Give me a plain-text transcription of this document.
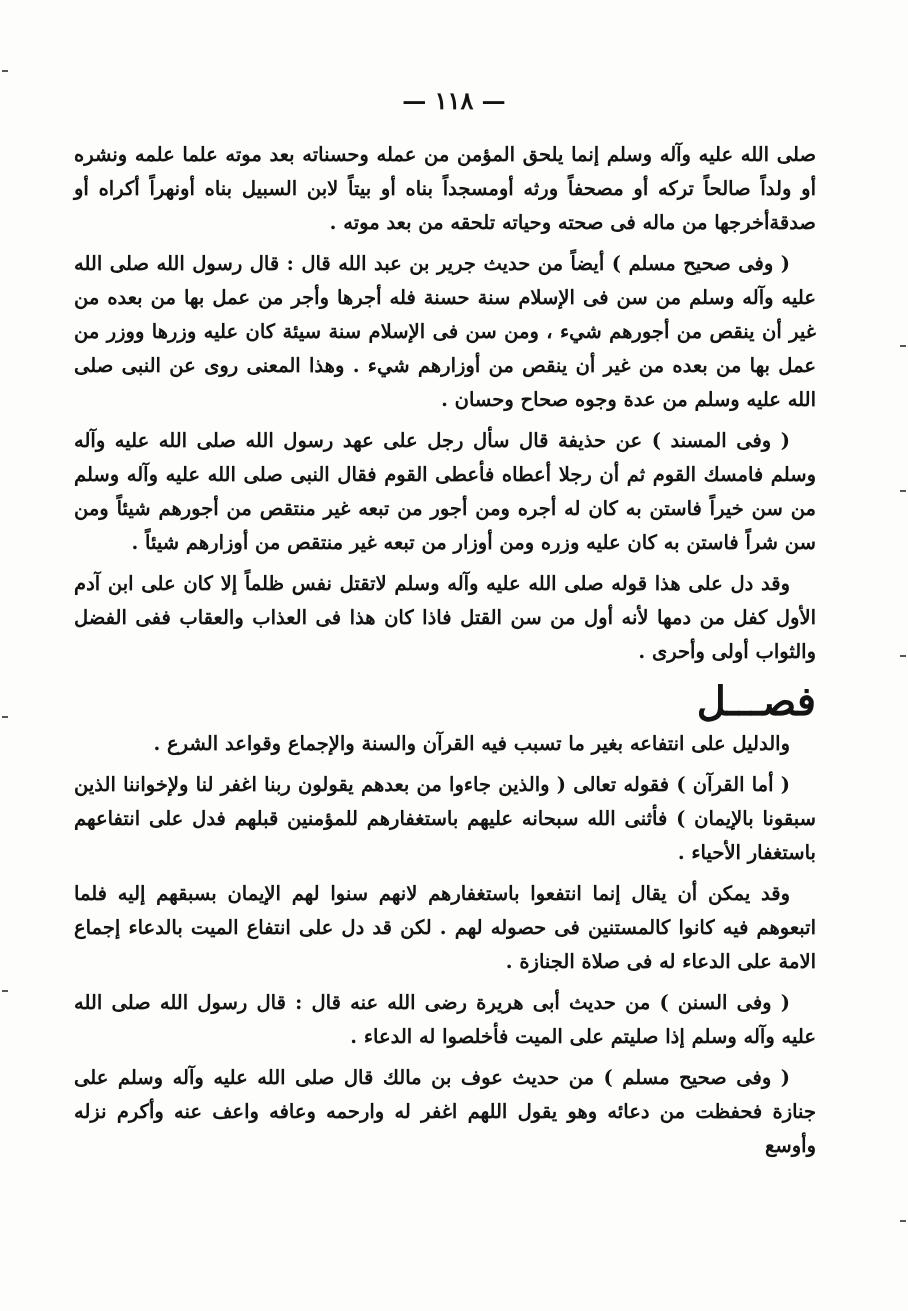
— ١١٨ —

صلى الله عليه وآله وسلم إنما يلحق المؤمن من عمله وحسناته بعد موته علما علمه ونشره أو ولداً صالحاً تركه أو مصحفاً ورثه أومسجداً بناه أو بيتاً لابن السبيل بناه أونهراً أكراه أو صدقةأخرجها من ماله فى صحته وحياته تلحقه من بعد موته .

( وفى صحيح مسلم ) أيضاً من حديث جرير بن عبد الله قال : قال رسول الله صلى الله عليه وآله وسلم من سن فى الإسلام سنة حسنة فله أجرها وأجر من عمل بها من بعده من غير أن ينقص من أجورهم شيء ، ومن سن فى الإسلام سنة سيئة كان عليه وزرها ووزر من عمل بها من بعده من غير أن ينقص من أوزارهم شيء . وهذا المعنى روى عن النبى صلى الله عليه وسلم من عدة وجوه صحاح وحسان .

( وفى المسند ) عن حذيفة قال سأل رجل على عهد رسول الله صلى الله عليه وآله وسلم فامسك القوم ثم أن رجلا أعطاه فأعطى القوم فقال النبى صلى الله عليه وآله وسلم من سن خيراً فاستن به كان له أجره ومن أجور من تبعه غير منتقص من أجورهم شيئاً ومن سن شراً فاستن به كان عليه وزره ومن أوزار من تبعه غير منتقص من أوزارهم شيئاً .

وقد دل على هذا قوله صلى الله عليه وآله وسلم لاتقتل نفس ظلماً إلا كان على ابن آدم الأول كفل من دمها لأنه أول من سن القتل فاذا كان هذا فى العذاب والعقاب ففى الفضل والثواب أولى وأحرى .

فصـــل

والدليل على انتفاعه بغير ما تسبب فيه القرآن والسنة والإجماع وقواعد الشرع .

( أما القرآن ) فقوله تعالى ( والذين جاءوا من بعدهم يقولون ربنا اغفر لنا ولإخواننا الذين سبقونا بالإيمان ) فأثنى الله سبحانه عليهم باستغفارهم للمؤمنين قبلهم فدل على انتفاعهم باستغفار الأحياء .

وقد يمكن أن يقال إنما انتفعوا باستغفارهم لانهم سنوا لهم الإيمان بسبقهم إليه فلما اتبعوهم فيه كانوا كالمستنين فى حصوله لهم . لكن قد دل على انتفاع الميت بالدعاء إجماع الامة على الدعاء له فى صلاة الجنازة .

( وفى السنن ) من حديث أبى هريرة رضى الله عنه قال : قال رسول الله صلى الله عليه وآله وسلم إذا صليتم على الميت فأخلصوا له الدعاء .

( وفى صحيح مسلم ) من حديث عوف بن مالك قال صلى الله عليه وآله وسلم على جنازة فحفظت من دعائه وهو يقول اللهم اغفر له وارحمه وعافه واعف عنه وأكرم نزله وأوسع
